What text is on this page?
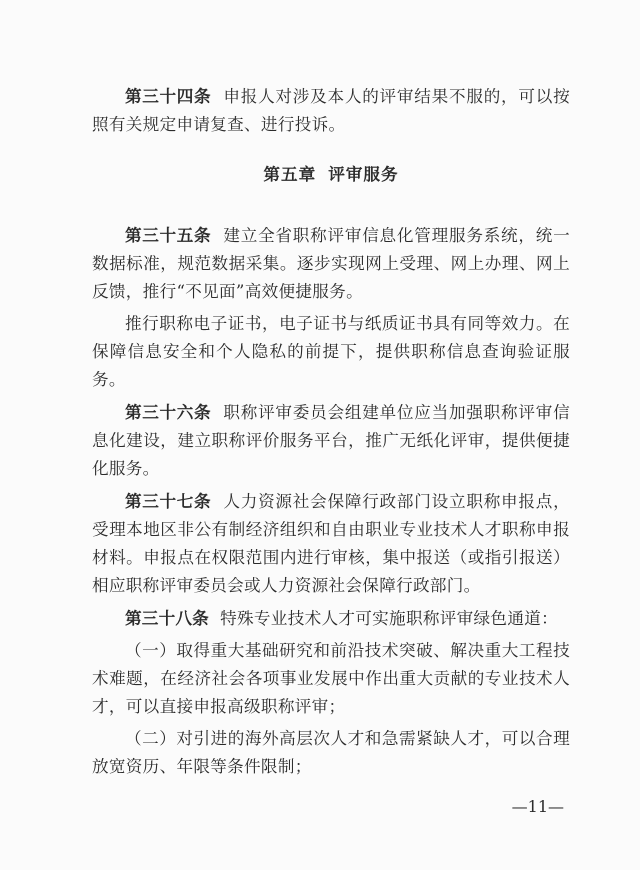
第三十四条 申报人对涉及本人的评审结果不服的，可以按照有关规定申请复查、进行投诉。

第五章 评审服务

第三十五条 建立全省职称评审信息化管理服务系统，统一数据标准，规范数据采集。逐步实现网上受理、网上办理、网上反馈，推行“不见面”高效便捷服务。

推行职称电子证书，电子证书与纸质证书具有同等效力。在保障信息安全和个人隐私的前提下，提供职称信息查询验证服务。

第三十六条 职称评审委员会组建单位应当加强职称评审信息化建设，建立职称评价服务平台，推广无纸化评审，提供便捷化服务。

第三十七条 人力资源社会保障行政部门设立职称申报点，受理本地区非公有制经济组织和自由职业专业技术人才职称申报材料。申报点在权限范围内进行审核，集中报送（或指引报送）相应职称评审委员会或人力资源社会保障行政部门。

第三十八条 特殊专业技术人才可实施职称评审绿色通道：

（一）取得重大基础研究和前沿技术突破、解决重大工程技术难题，在经济社会各项事业发展中作出重大贡献的专业技术人才，可以直接申报高级职称评审；

（二）对引进的海外高层次人才和急需紧缺人才，可以合理放宽资历、年限等条件限制；

—11—
